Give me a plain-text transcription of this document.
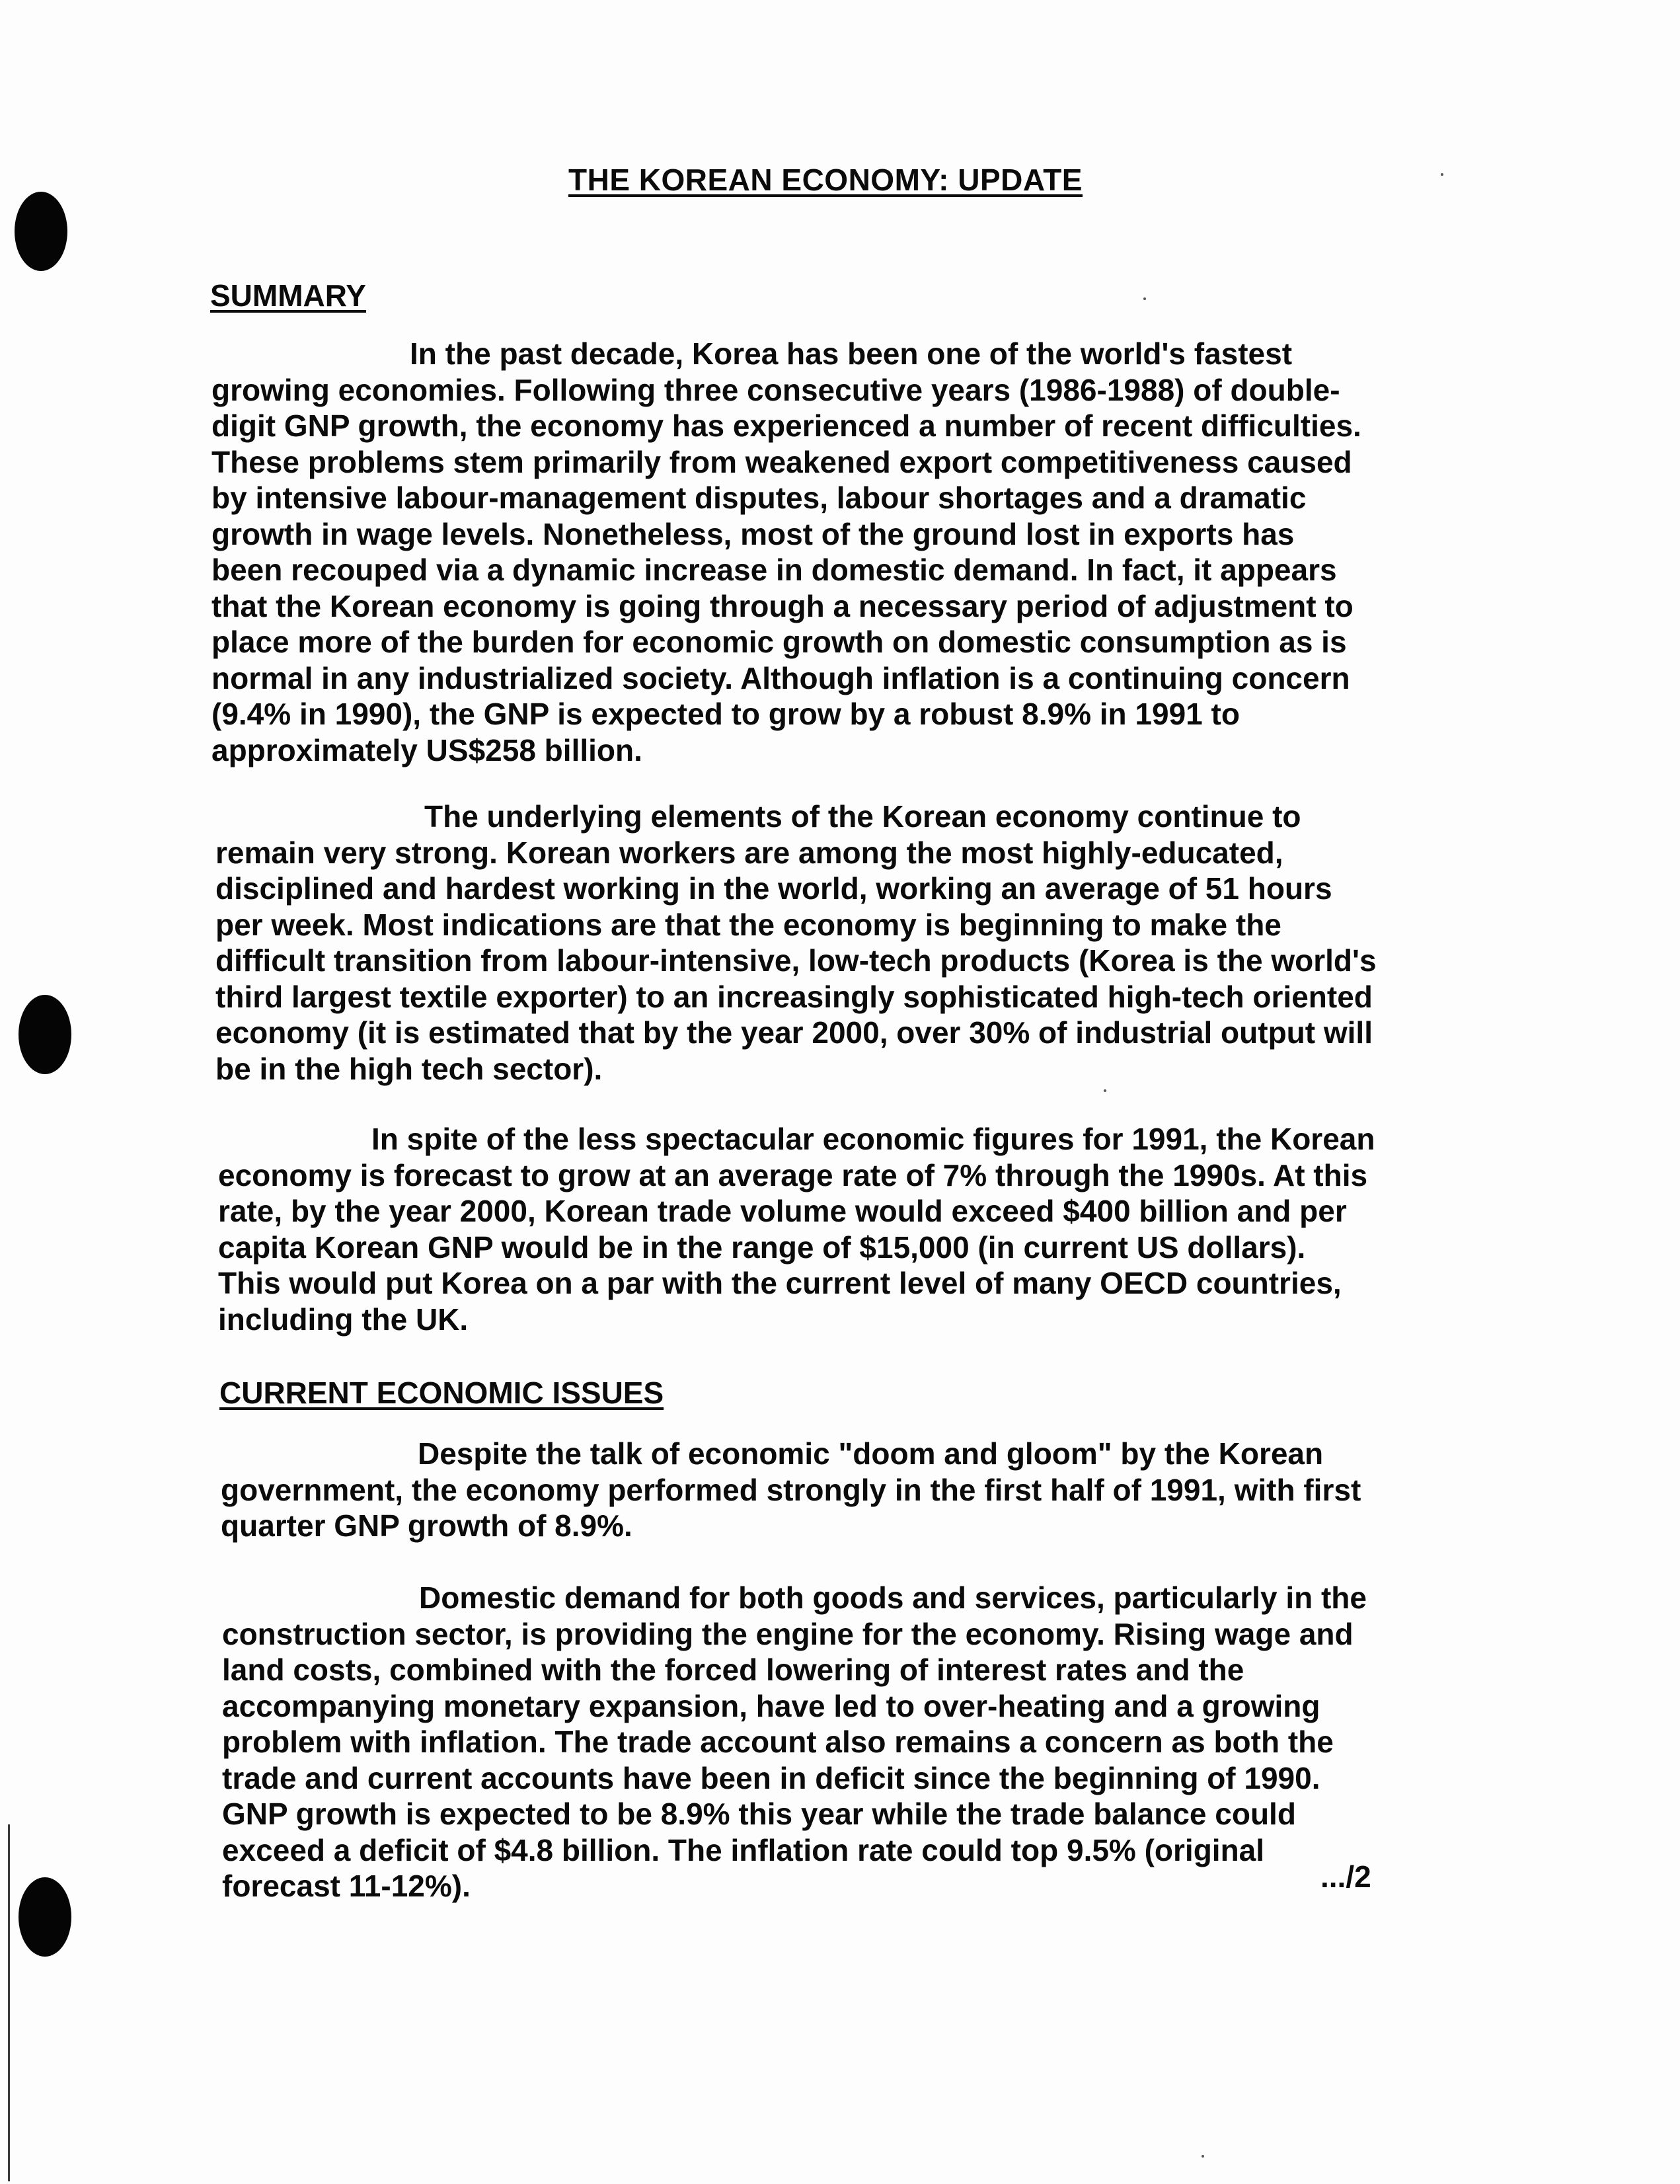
THE KOREAN ECONOMY: UPDATE
SUMMARY
In the past decade, Korea has been one of the world's fastest
growing economies. Following three consecutive years (1986-1988) of double-
digit GNP growth, the economy has experienced a number of recent difficulties.
These problems stem primarily from weakened export competitiveness caused
by intensive labour-management disputes, labour shortages and a dramatic
growth in wage levels. Nonetheless, most of the ground lost in exports has
been recouped via a dynamic increase in domestic demand. In fact, it appears
that the Korean economy is going through a necessary period of adjustment to
place more of the burden for economic growth on domestic consumption as is
normal in any industrialized society. Although inflation is a continuing concern
(9.4% in 1990), the GNP is expected to grow by a robust 8.9% in 1991 to
approximately US$258 billion.
The underlying elements of the Korean economy continue to
remain very strong. Korean workers are among the most highly-educated,
disciplined and hardest working in the world, working an average of 51 hours
per week. Most indications are that the economy is beginning to make the
difficult transition from labour-intensive, low-tech products (Korea is the world's
third largest textile exporter) to an increasingly sophisticated high-tech oriented
economy (it is estimated that by the year 2000, over 30% of industrial output will
be in the high tech sector).
In spite of the less spectacular economic figures for 1991, the Korean
economy is forecast to grow at an average rate of 7% through the 1990s. At this
rate, by the year 2000, Korean trade volume would exceed $400 billion and per
capita Korean GNP would be in the range of $15,000 (in current US dollars).
This would put Korea on a par with the current level of many OECD countries,
including the UK.
CURRENT ECONOMIC ISSUES
Despite the talk of economic "doom and gloom" by the Korean
government, the economy performed strongly in the first half of 1991, with first
quarter GNP growth of 8.9%.
Domestic demand for both goods and services, particularly in the
construction sector, is providing the engine for the economy. Rising wage and
land costs, combined with the forced lowering of interest rates and the
accompanying monetary expansion, have led to over-heating and a growing
problem with inflation. The trade account also remains a concern as both the
trade and current accounts have been in deficit since the beginning of 1990.
GNP growth is expected to be 8.9% this year while the trade balance could
exceed a deficit of $4.8 billion. The inflation rate could top 9.5% (original
forecast 11-12%).	.../2
